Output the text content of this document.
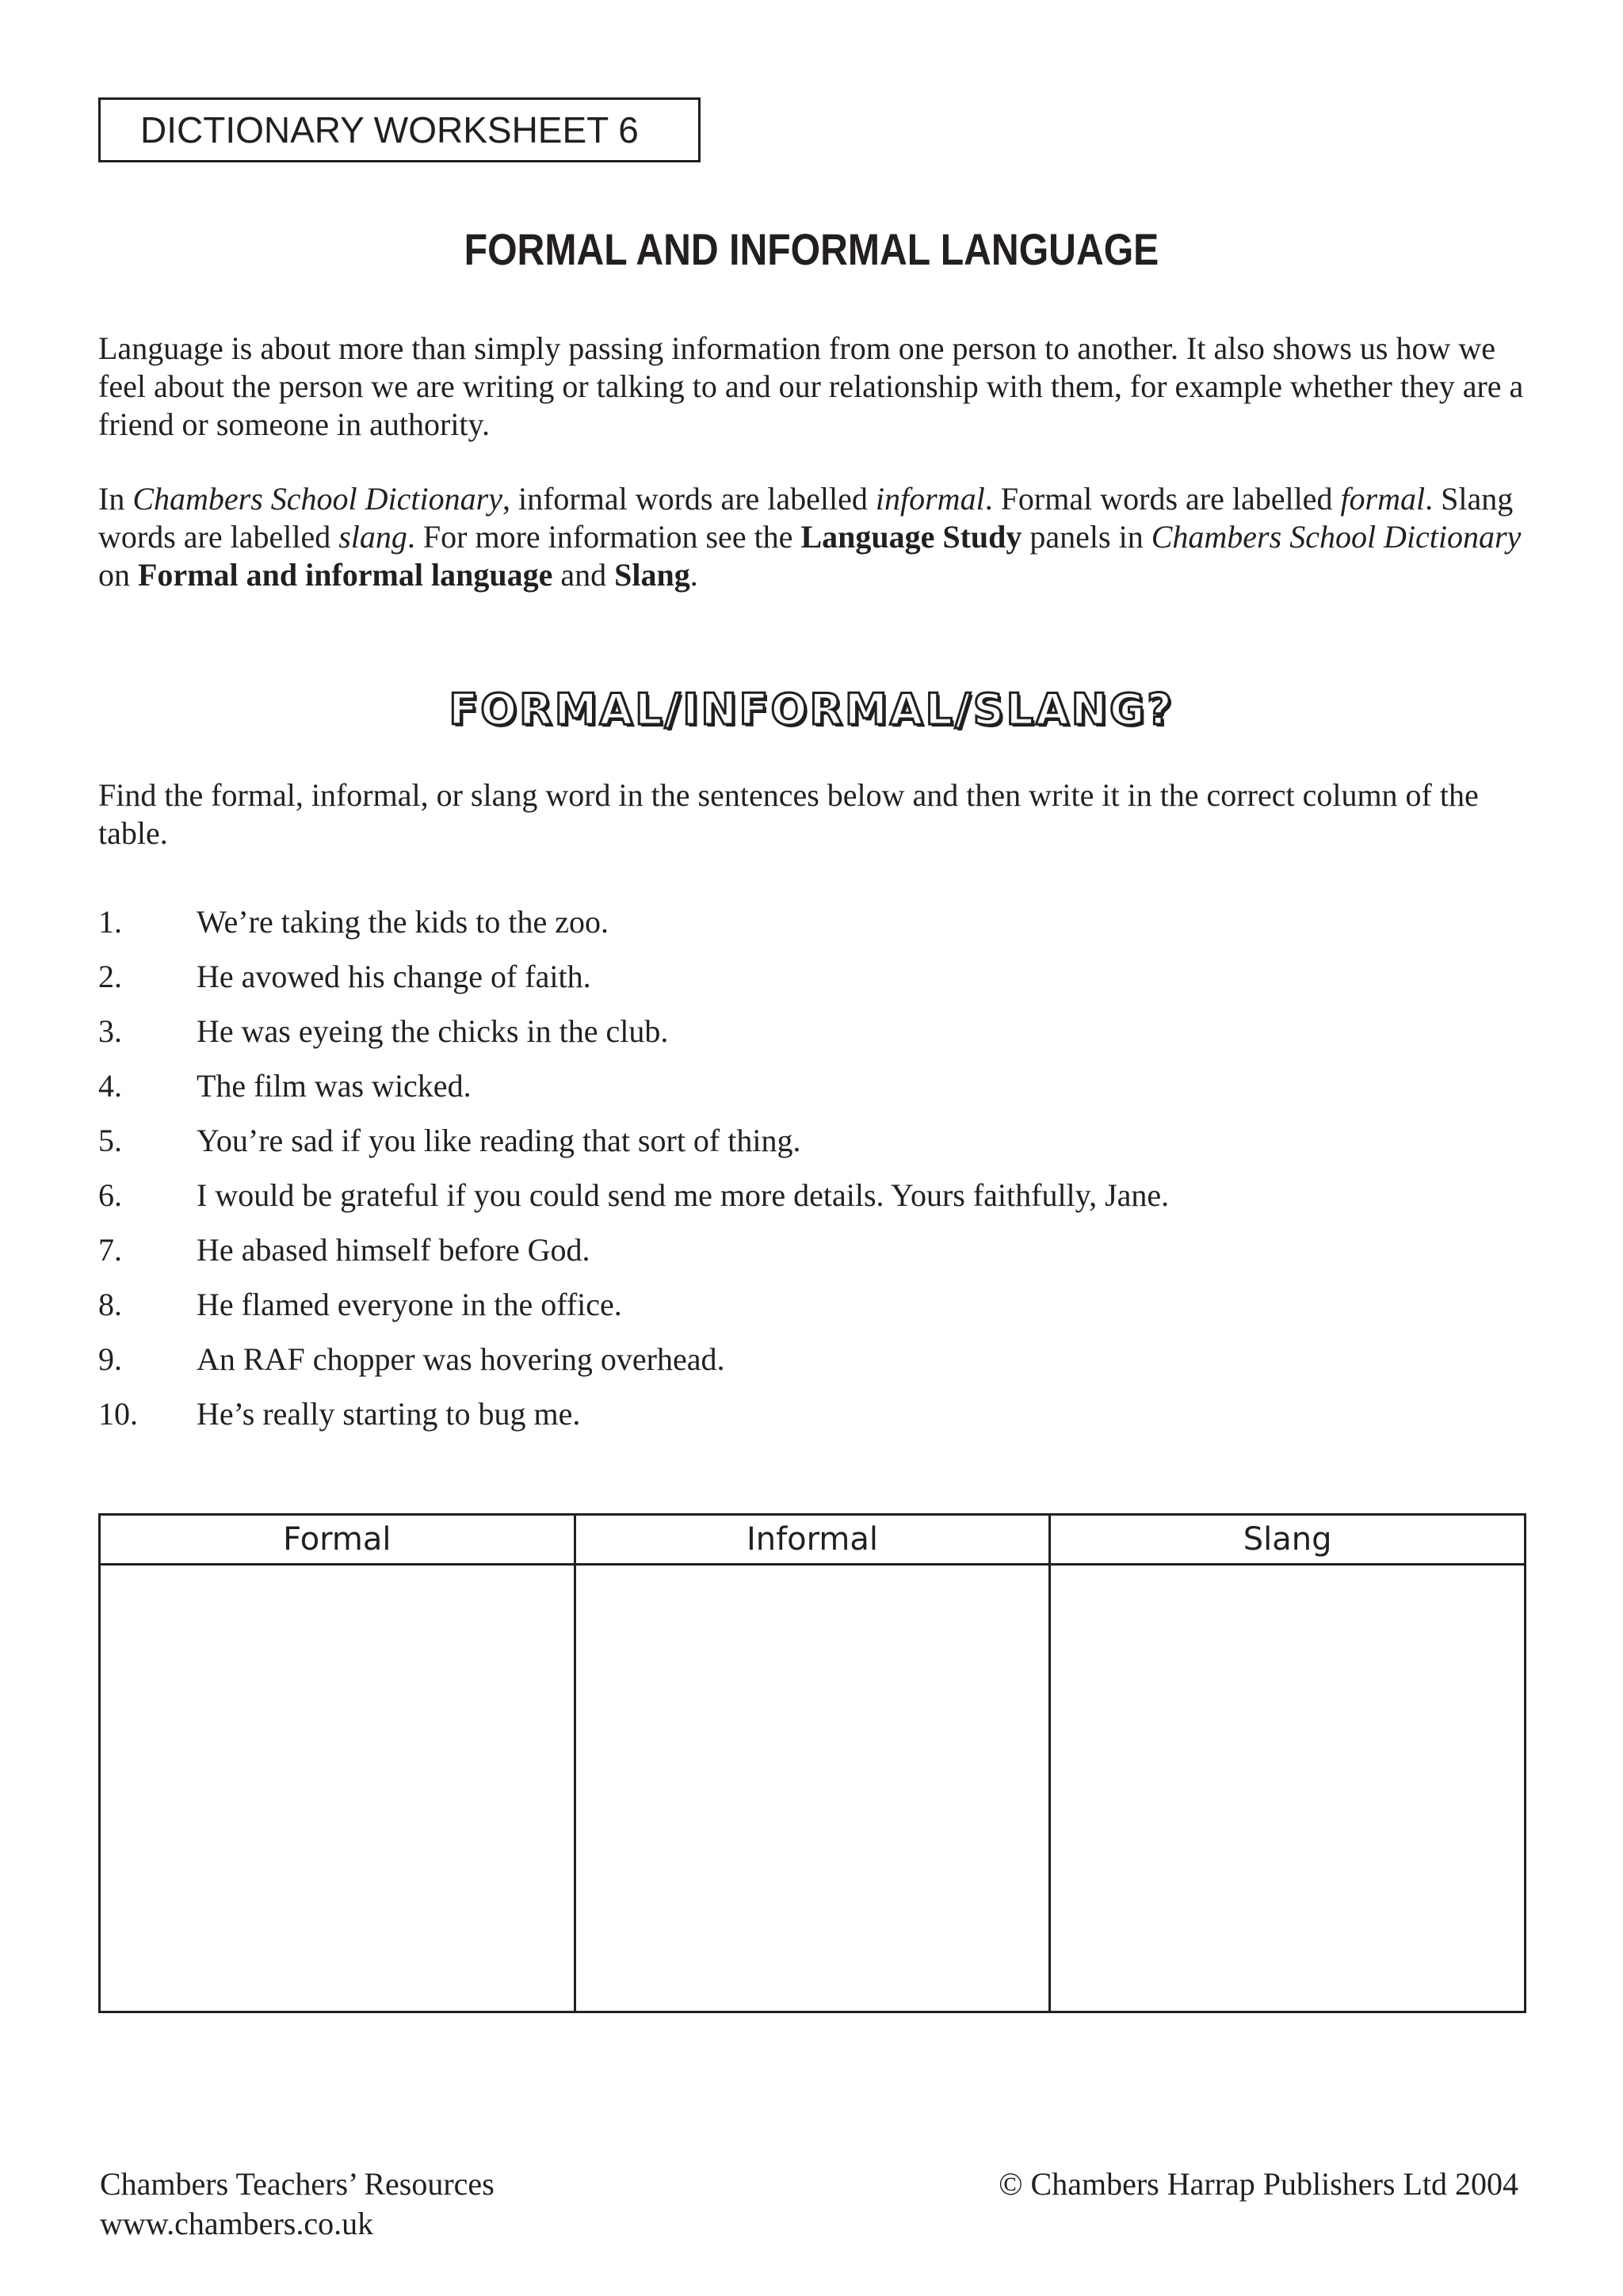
DICTIONARY WORKSHEET 6
FORMAL AND INFORMAL LANGUAGE

Language is about more than simply passing information from one person to another. It also shows us how we feel about the person we are writing or talking to and our relationship with them, for example whether they are a friend or someone in authority.

In Chambers School Dictionary, informal words are labelled informal. Formal words are labelled formal. Slang words are labelled slang. For more information see the Language Study panels in Chambers School Dictionary on Formal and informal language and Slang.

FORMAL/INFORMAL/SLANG?

Find the formal, informal, or slang word in the sentences below and then write it in the correct column of the table.

1.	We’re taking the kids to the zoo.
2.	He avowed his change of faith.
3.	He was eyeing the chicks in the club.
4.	The film was wicked.
5.	You’re sad if you like reading that sort of thing.
6.	I would be grateful if you could send me more details. Yours faithfully, Jane.
7.	He abased himself before God.
8.	He flamed everyone in the office.
9.	An RAF chopper was hovering overhead.
10.	He’s really starting to bug me.
Formal	Informal	Slang

Chambers Teachers’ Resources
www.chambers.co.uk
© Chambers Harrap Publishers Ltd 2004
